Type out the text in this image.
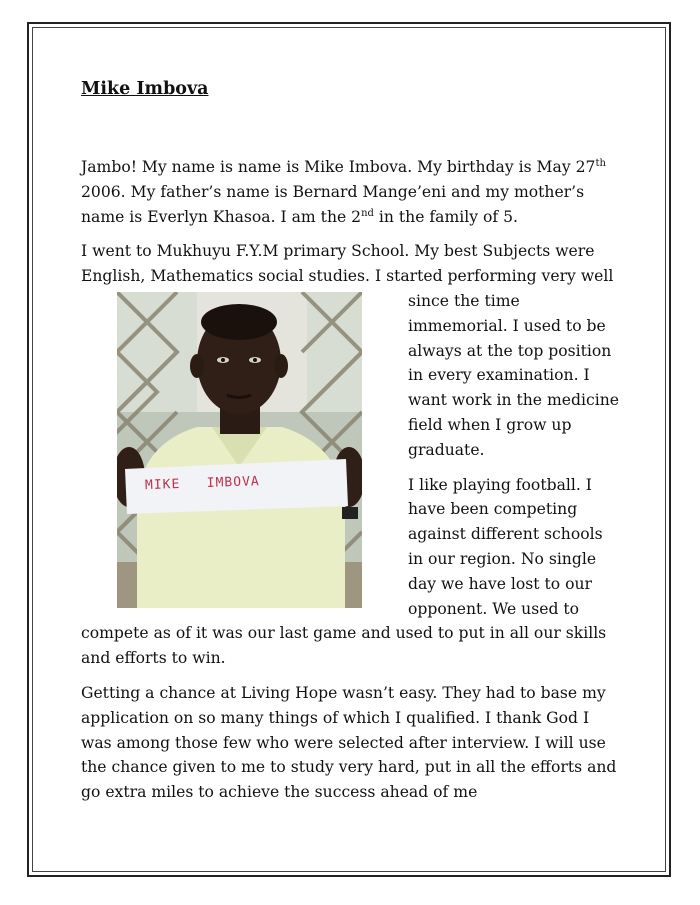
Mike Imbova

Jambo! My name is name is Mike Imbova. My birthday is May 27th 2006. My father’s name is Bernard Mange’eni and my mother’s name is Everlyn Khasoa. I am the 2nd in the family of 5.

I went to Mukhuyu F.Y.M primary School. My best Subjects were English, Mathematics social studies. I started performing very well

MIKE   IMBOVA

since the time immemorial. I used to be always at the top position in every examination. I want work in the medicine field when I grow up graduate.

I like playing football. I have been competing against different schools in our region. No single day we have lost to our opponent. We used to compete as of it was our last game and used to put in all our skills and efforts to win.

Getting a chance at Living Hope wasn’t easy. They had to base my application on so many things of which I qualified. I thank God I was among those few who were selected after interview. I will use the chance given to me to study very hard, put in all the efforts and go extra miles to achieve the success ahead of me
